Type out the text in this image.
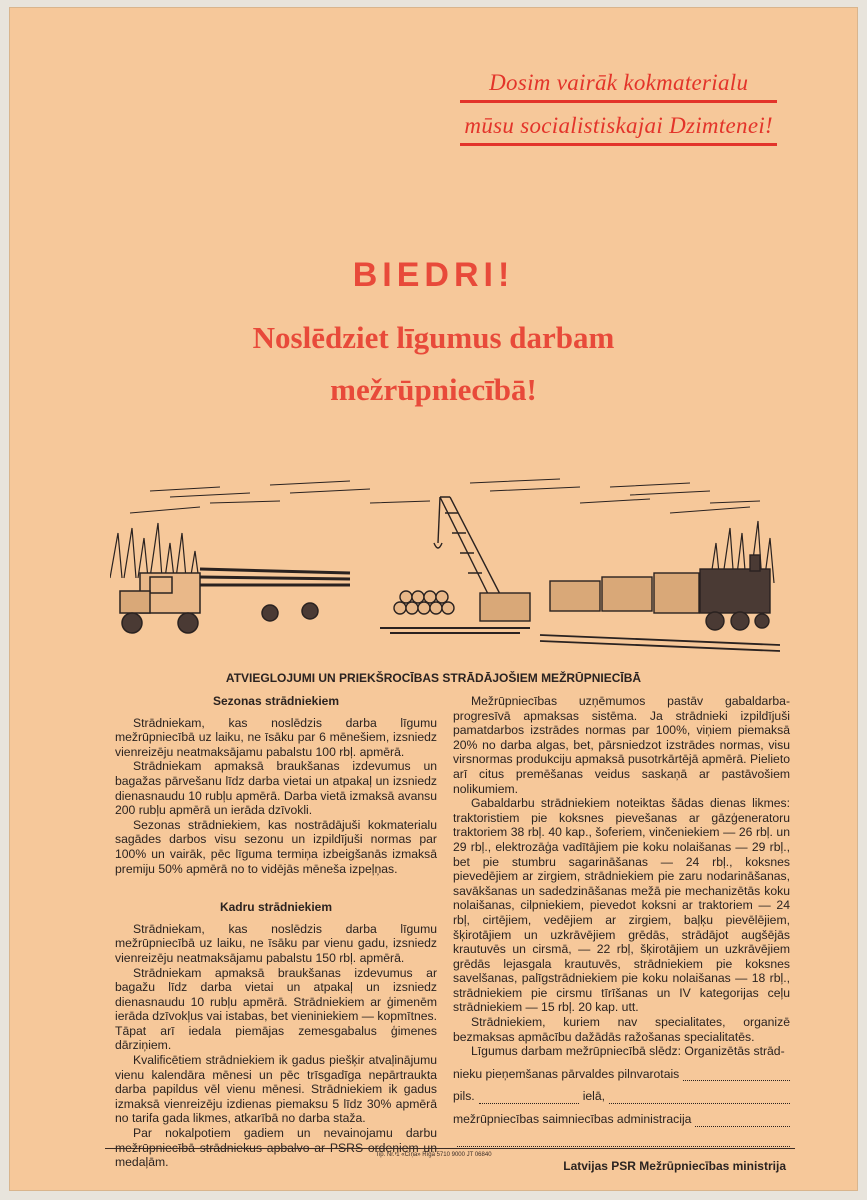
Dosim vairāk kokmaterialu
mūsu socialistiskajai Dzimtenei!
BIEDRI!
Noslēdziet līgumus darbam
mežrūpniecībā!
ATVIEGLOJUMI UN PRIEKŠROCĪBAS STRĀDĀJOŠIEM MEŽRŪPNIECĪBĀ
Sezonas strādniekiem

Strādniekam, kas noslēdzis darba līgumu mežrūpniecībā uz laiku, ne īsāku par 6 mēnešiem, izsniedz vienreizēju neatmaksājamu pabalstu 100 rbļ. apmērā.

Strādniekam apmaksā braukšanas izdevumus un bagažas pārvešanu līdz darba vietai un atpakaļ un izsniedz dienasnaudu 10 rubļu apmērā. Darba vietā izmaksā avansu 200 rubļu apmērā un ierāda dzīvokli.

Sezonas strādniekiem, kas nostrādājuši kokmaterialu sagādes darbos visu sezonu un izpildījuši normas par 100% un vairāk, pēc līguma termiņa izbeigšanās izmaksā premiju 50% apmērā no to vidējās mēneša izpeļņas.

Kadru strādniekiem

Strādniekam, kas noslēdzis darba līgumu mežrūpniecībā uz laiku, ne īsāku par vienu gadu, izsniedz vienreizēju neatmaksājamu pabalstu 150 rbļ. apmērā.

Strādniekam apmaksā braukšanas izdevumus ar bagažu līdz darba vietai un atpakaļ un izsniedz dienasnaudu 10 rubļu apmērā. Strādniekiem ar ģimenēm ierāda dzīvokļus vai istabas, bet vieniniekiem — kopmītnes. Tāpat arī iedala piemājas zemesgabalus ģimenes dārziņiem.

Kvalificētiem strādniekiem ik gadus piešķir atvaļinājumu vienu kalendāra mēnesi un pēc trīsgadīga nepārtraukta darba papildus vēl vienu mēnesi. Strādniekiem ik gadus izmaksā vienreizēju izdienas piemaksu 5 līdz 30% apmērā no tarifa gada likmes, atkarībā no darba staža.

Par nokalpotiem gadiem un nevainojamu darbu mežrūpniecībā strādniekus apbalvo ar PSRS ordeņiem un medaļām.

Mežrūpniecības uzņēmumos pastāv gabaldarba-progresīvā apmaksas sistēma. Ja strādnieki izpildījuši pamatdarbos izstrādes normas par 100%, viņiem piemaksā 20% no darba algas, bet, pārsniedzot izstrādes normas, visu virsnormas produkciju apmaksā pusotrkārtējā apmērā. Pielieto arī citus premēšanas veidus saskaņā ar pastāvošiem nolikumiem.

Gabaldarbu strādniekiem noteiktas šādas dienas likmes: traktoristiem pie koksnes pievešanas ar gāzģeneratoru traktoriem 38 rbļ. 40 kap., šoferiem, vinčeniekiem — 26 rbļ. un 29 rbļ., elektrozāģa vadītājiem pie koku nolaišanas — 29 rbļ., bet pie stumbru sagarināšanas — 24 rbļ., koksnes pievedējiem ar zirgiem, strādniekiem pie zaru nodarināšanas, savākšanas un sadedzināšanas mežā pie mechanizētās koku nolaišanas, cilpniekiem, pievedot koksni ar traktoriem — 24 rbļ, cirtējiem, vedējiem ar zirgiem, baļķu pievēlējiem, šķirotājiem un uzkrāvējiem grēdās, strādājot augšējās krautuvēs un cirsmā, — 22 rbļ, šķirotājiem un uzkrāvējiem grēdās lejasgala krautuvēs, strādniekiem pie koksnes savelšanas, palīgstrādniekiem pie koku nolaišanas — 18 rbļ., strādniekiem pie cirsmu tīrīšanas un IV kategorijas ceļu strādniekiem — 15 rbļ. 20 kap. utt.

Strādniekiem, kuriem nav specialitates, organizē bezmaksas apmācību dažādās ražošanas specialitatēs.

Līgumus darbam mežrūpniecībā slēdz: Organizētās strād-

nieku pieņemšanas pārvaldes pilnvarotais
pils.	ielā,
mežrūpniecības saimniecības administracija
Latvijas PSR Mežrūpniecības ministrija
Tip. Nr. 1 «Cīņa» Rīgā 5710 9000 JT 06840
